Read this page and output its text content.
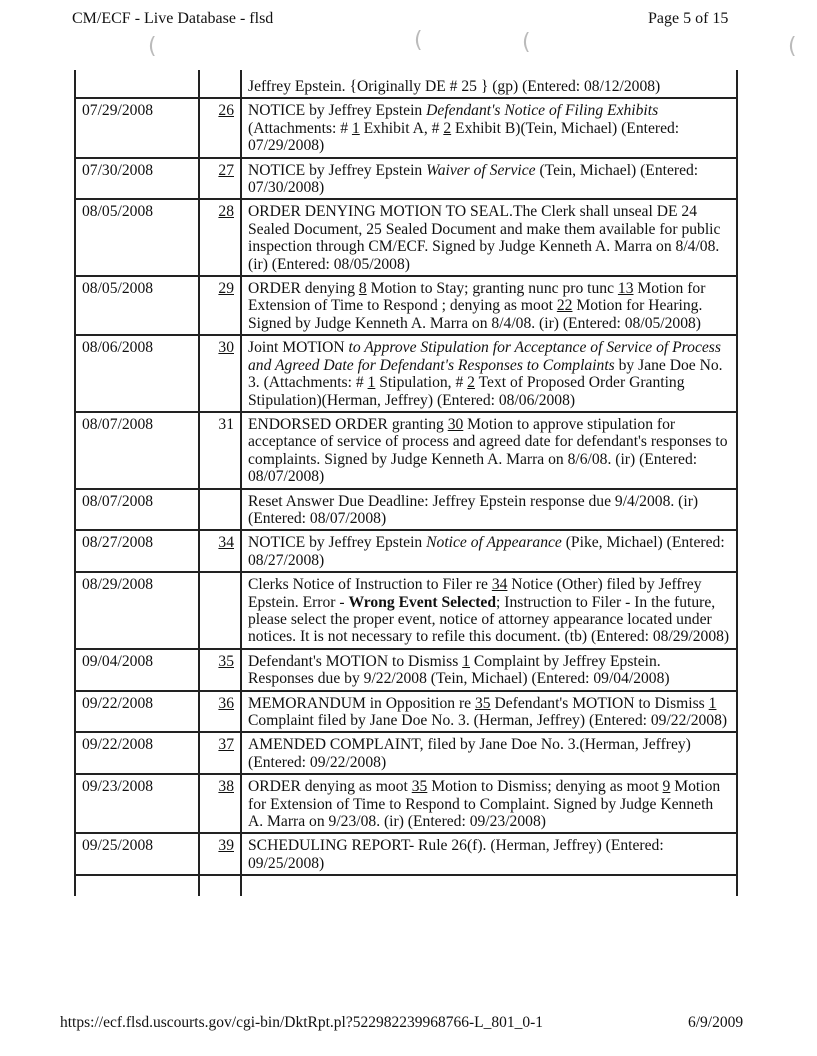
CM/ECF - Live Database - flsd	Page 5 of 15
(	(	(	(
		Jeffrey Epstein. {Originally DE # 25 } (gp) (Entered: 08/12/2008)
07/29/2008	26	NOTICE by Jeffrey Epstein Defendant's Notice of Filing Exhibits (Attachments: # 1 Exhibit A, # 2 Exhibit B)(Tein, Michael) (Entered: 07/29/2008)
07/30/2008	27	NOTICE by Jeffrey Epstein Waiver of Service (Tein, Michael) (Entered: 07/30/2008)
08/05/2008	28	ORDER DENYING MOTION TO SEAL.The Clerk shall unseal DE 24 Sealed Document, 25 Sealed Document and make them available for public inspection through CM/ECF. Signed by Judge Kenneth A. Marra on 8/4/08. (ir) (Entered: 08/05/2008)
08/05/2008	29	ORDER denying 8 Motion to Stay; granting nunc pro tunc 13 Motion for Extension of Time to Respond ; denying as moot 22 Motion for Hearing. Signed by Judge Kenneth A. Marra on 8/4/08. (ir) (Entered: 08/05/2008)
08/06/2008	30	Joint MOTION to Approve Stipulation for Acceptance of Service of Process and Agreed Date for Defendant's Responses to Complaints by Jane Doe No. 3. (Attachments: # 1 Stipulation, # 2 Text of Proposed Order Granting Stipulation)(Herman, Jeffrey) (Entered: 08/06/2008)
08/07/2008	31	ENDORSED ORDER granting 30 Motion to approve stipulation for acceptance of service of process and agreed date for defendant's responses to complaints. Signed by Judge Kenneth A. Marra on 8/6/08. (ir) (Entered: 08/07/2008)
08/07/2008		Reset Answer Due Deadline: Jeffrey Epstein response due 9/4/2008. (ir) (Entered: 08/07/2008)
08/27/2008	34	NOTICE by Jeffrey Epstein Notice of Appearance (Pike, Michael) (Entered: 08/27/2008)
08/29/2008		Clerks Notice of Instruction to Filer re 34 Notice (Other) filed by Jeffrey Epstein. Error - Wrong Event Selected; Instruction to Filer - In the future, please select the proper event, notice of attorney appearance located under notices. It is not necessary to refile this document. (tb) (Entered: 08/29/2008)
09/04/2008	35	Defendant's MOTION to Dismiss 1 Complaint by Jeffrey Epstein. Responses due by 9/22/2008 (Tein, Michael) (Entered: 09/04/2008)
09/22/2008	36	MEMORANDUM in Opposition re 35 Defendant's MOTION to Dismiss 1 Complaint filed by Jane Doe No. 3. (Herman, Jeffrey) (Entered: 09/22/2008)
09/22/2008	37	AMENDED COMPLAINT, filed by Jane Doe No. 3.(Herman, Jeffrey) (Entered: 09/22/2008)
09/23/2008	38	ORDER denying as moot 35 Motion to Dismiss; denying as moot 9 Motion for Extension of Time to Respond to Complaint. Signed by Judge Kenneth A. Marra on 9/23/08. (ir) (Entered: 09/23/2008)
09/25/2008	39	SCHEDULING REPORT- Rule 26(f). (Herman, Jeffrey) (Entered: 09/25/2008)

https://ecf.flsd.uscourts.gov/cgi-bin/DktRpt.pl?522982239968766-L_801_0-1	6/9/2009
